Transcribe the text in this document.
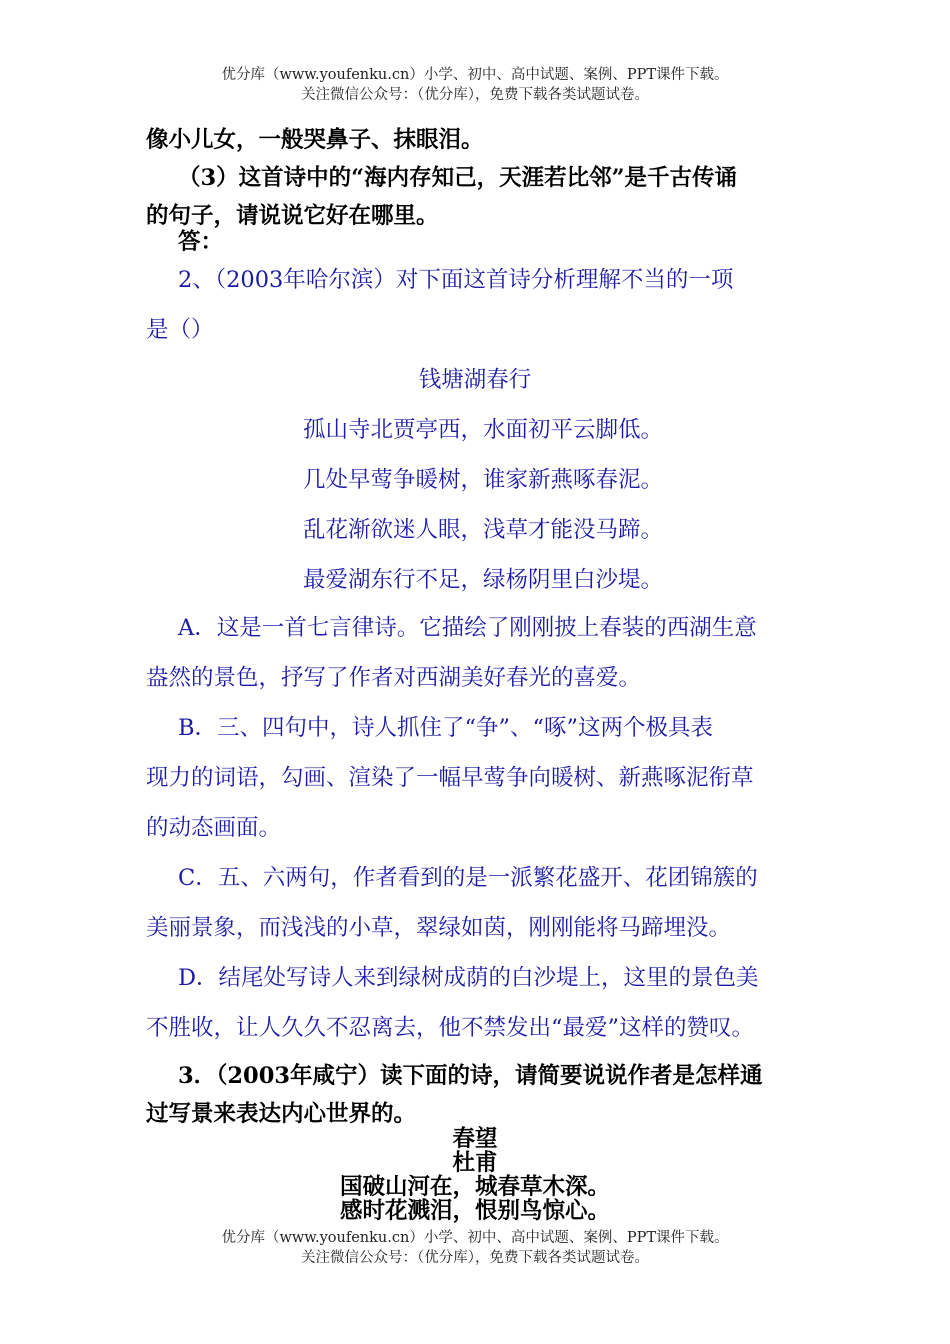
优分库（www.youfenku.cn）小学、初中、高中试题、案例、PPT课件下载。
关注微信公众号：（优分库），免费下载各类试题试卷。
像小儿女，一般哭鼻子、抹眼泪。
（3）这首诗中的“海内存知己，天涯若比邻”是千古传诵
的句子，请说说它好在哪里。
答：
2、（2003年哈尔滨）对下面这首诗分析理解不当的一项
是（）
钱塘湖春行
孤山寺北贾亭西，水面初平云脚低。
几处早莺争暖树，谁家新燕啄春泥。
乱花渐欲迷人眼，浅草才能没马蹄。
最爱湖东行不足，绿杨阴里白沙堤。
A．这是一首七言律诗。它描绘了刚刚披上春装的西湖生意
盎然的景色，抒写了作者对西湖美好春光的喜爱。
B．三、四句中，诗人抓住了“争”、“啄”这两个极具表
现力的词语，勾画、渲染了一幅早莺争向暖树、新燕啄泥衔草
的动态画面。
C．五、六两句，作者看到的是一派繁花盛开、花团锦簇的
美丽景象，而浅浅的小草，翠绿如茵，刚刚能将马蹄埋没。
D．结尾处写诗人来到绿树成荫的白沙堤上，这里的景色美
不胜收，让人久久不忍离去，他不禁发出“最爱”这样的赞叹。
3．（2003年咸宁）读下面的诗，请简要说说作者是怎样通
过写景来表达内心世界的。
春望
杜甫
国破山河在，城春草木深。
感时花溅泪，恨别鸟惊心。
优分库（www.youfenku.cn）小学、初中、高中试题、案例、PPT课件下载。
关注微信公众号：（优分库），免费下载各类试题试卷。
